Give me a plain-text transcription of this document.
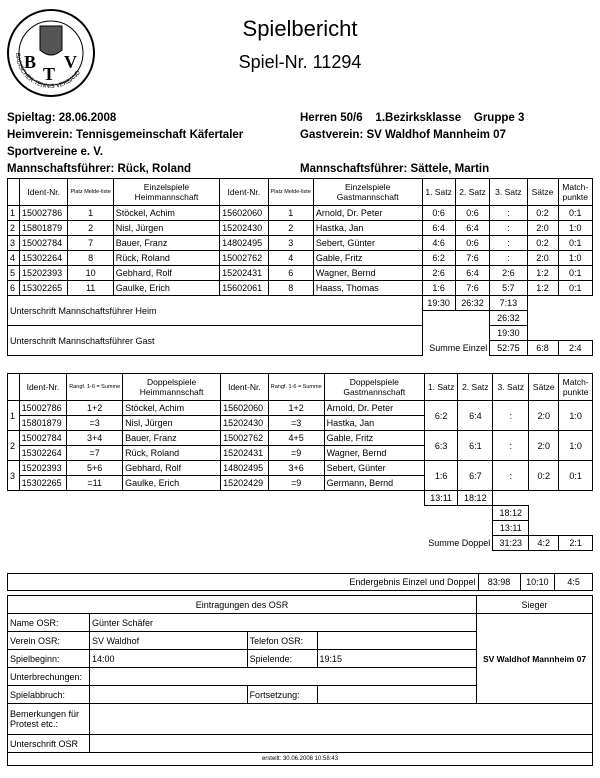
B
T
V
BADISCHER TENNIS VERBAND
Spielbericht
Spiel-Nr. 11294
Spieltag: 28.06.2008	Herren 50/6    1.Bezirksklasse    Gruppe 3
Heimverein: Tennisgemeinschaft Käfertaler	Gastverein: SV Waldhof Mannheim 07
Sportvereine e. V.
Mannschaftsführer: Rück, Roland	Mannschaftsführer: Sättele, Martin
	Ident-Nr.	Platz Melde-liste	Einzelspiele Heimmannschaft	Ident-Nr.	Platz Melde-liste	Einzelspiele Gastmannschaft	1. Satz	2. Satz	3. Satz	Sätze	Match-punkte
1	15002786	1	Stöckel, Achim	15602060	1	Arnold, Dr. Peter	0:6	0:6	:	0:2	0:1
2	15801879	2	Nisl, Jürgen	15202430	2	Hastka, Jan	6:4	6:4	:	2:0	1:0
3	15002784	7	Bauer, Franz	14802495	3	Sebert, Günter	4:6	0:6	:	0:2	0:1
4	15302264	8	Rück, Roland	15002762	4	Gable, Fritz	6:2	7:6	:	2:0	1:0
5	15202393	10	Gebhard, Rolf	15202431	6	Wagner, Bernd	2:6	6:4	2:6	1:2	0:1
6	15302265	11	Gaulke, Erich	15602061	8	Haass, Thomas	1:6	7:6	5:7	1:2	0:1
Unterschrift Mannschaftsführer Heim							19:30	26:32	7:13		
									26:32		
Unterschrift Mannschaftsführer Gast									19:30		
							Summe Einzel		52:75	6:8	2:4
	Ident-Nr.	Rangf. 1-6 = Summe	Doppelspiele Heimmannschaft	Ident-Nr.	Rangf. 1-6 = Summe	Doppelspiele Gastmannschaft	1. Satz	2. Satz	3. Satz	Sätze	Match-punkte
1	15002786	1+2	Stöckel, Achim	15602060	1+2	Arnold, Dr. Peter	6:2	6:4	:	2:0	1:0
	15801879	=3	Nisl, Jürgen	15202430	=3	Hastka, Jan					
2	15002784	3+4	Bauer, Franz	15002762	4+5	Gable, Fritz	6:3	6:1	:	2:0	1:0
	15302264	=7	Rück, Roland	15202431	=9	Wagner, Bernd					
3	15202393	5+6	Gebhard, Rolf	14802495	3+6	Sebert, Günter	1:6	6:7	:	0:2	0:1
	15302265	=11	Gaulke, Erich	15202429	=9	Germann, Bernd					
							13:11	18:12			
									18:12		
									13:11		
							Summe Doppel		31:23	4:2	2:1
Endergebnis Einzel und Doppel	83:98	10:10	4:5
Eintragungen des OSR				Sieger
Name OSR:	Günter Schäfer			SV Waldhof Mannheim 07
Verein OSR:	SV Waldhof	Telefon OSR:		
Spielbeginn:	14:00	Spielende:	19:15	
Unterbrechungen:				
Spielabbruch:		Fortsetzung:		
Bemerkungen für Protest etc.:				
Unterschrift OSR				
erstellt: 30.06.2008 10:58:43				
